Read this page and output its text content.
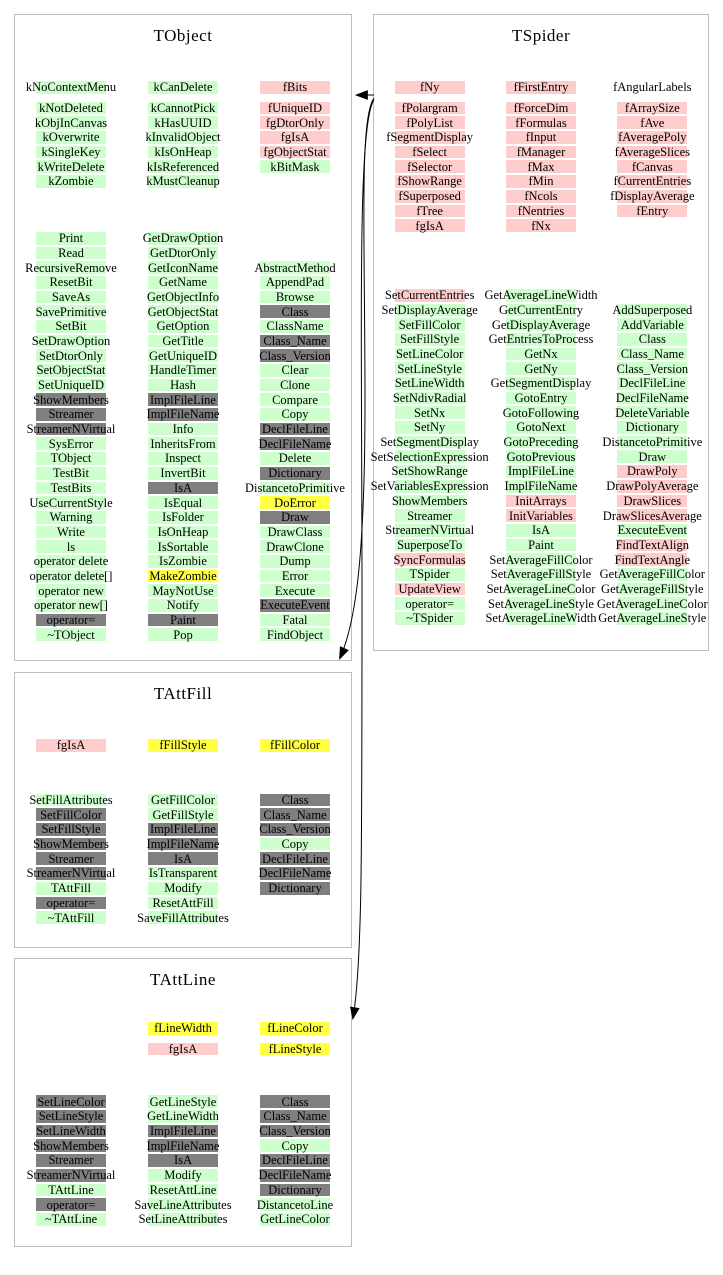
TObject
kNoContextMenu
kNotDeleted
kObjInCanvas
kOverwrite
kSingleKey
kWriteDelete
kZombie
kCanDelete
kCannotPick
kHasUUID
kInvalidObject
kIsOnHeap
kIsReferenced
kMustCleanup
fBits
fUniqueID
fgDtorOnly
fgIsA
fgObjectStat
kBitMask
Print
Read
RecursiveRemove
ResetBit
SaveAs
SavePrimitive
SetBit
SetDrawOption
SetDtorOnly
SetObjectStat
SetUniqueID
ShowMembers
Streamer
StreamerNVirtual
SysError
TObject
TestBit
TestBits
UseCurrentStyle
Warning
Write
ls
operator delete
operator delete[]
operator new
operator new[]
operator=
~TObject
GetDrawOption
GetDtorOnly
GetIconName
GetName
GetObjectInfo
GetObjectStat
GetOption
GetTitle
GetUniqueID
HandleTimer
Hash
ImplFileLine
ImplFileName
Info
InheritsFrom
Inspect
InvertBit
IsA
IsEqual
IsFolder
IsOnHeap
IsSortable
IsZombie
MakeZombie
MayNotUse
Notify
Paint
Pop
AbstractMethod
AppendPad
Browse
Class
ClassName
Class_Name
Class_Version
Clear
Clone
Compare
Copy
DeclFileLine
DeclFileName
Delete
Dictionary
DistancetoPrimitive
DoError
Draw
DrawClass
DrawClone
Dump
Error
Execute
ExecuteEvent
Fatal
FindObject
TSpider
fNy
fPolargram
fPolyList
fSegmentDisplay
fSelect
fSelector
fShowRange
fSuperposed
fTree
fgIsA
fFirstEntry
fForceDim
fFormulas
fInput
fManager
fMax
fMin
fNcols
fNentries
fNx
fAngularLabels
fArraySize
fAve
fAveragePoly
fAverageSlices
fCanvas
fCurrentEntries
fDisplayAverage
fEntry
SetCurrentEntries
SetDisplayAverage
SetFillColor
SetFillStyle
SetLineColor
SetLineStyle
SetLineWidth
SetNdivRadial
SetNx
SetNy
SetSegmentDisplay
SetSelectionExpression
SetShowRange
SetVariablesExpression
ShowMembers
Streamer
StreamerNVirtual
SuperposeTo
SyncFormulas
TSpider
UpdateView
operator=
~TSpider
GetAverageLineWidth
GetCurrentEntry
GetDisplayAverage
GetEntriesToProcess
GetNx
GetNy
GetSegmentDisplay
GotoEntry
GotoFollowing
GotoNext
GotoPreceding
GotoPrevious
ImplFileLine
ImplFileName
InitArrays
InitVariables
IsA
Paint
SetAverageFillColor
SetAverageFillStyle
SetAverageLineColor
SetAverageLineStyle
SetAverageLineWidth
AddSuperposed
AddVariable
Class
Class_Name
Class_Version
DeclFileLine
DeclFileName
DeleteVariable
Dictionary
DistancetoPrimitive
Draw
DrawPoly
DrawPolyAverage
DrawSlices
DrawSlicesAverage
ExecuteEvent
FindTextAlign
FindTextAngle
GetAverageFillColor
GetAverageFillStyle
GetAverageLineColor
GetAverageLineStyle
TAttFill
fgIsA	fFillStyle	fFillColor
SetFillAttributes
SetFillColor
SetFillStyle
ShowMembers
Streamer
StreamerNVirtual
TAttFill
operator=
~TAttFill
GetFillColor
GetFillStyle
ImplFileLine
ImplFileName
IsA
IsTransparent
Modify
ResetAttFill
SaveFillAttributes
Class
Class_Name
Class_Version
Copy
DeclFileLine
DeclFileName
Dictionary
TAttLine
fLineWidth
fgIsA
fLineColor
fLineStyle
SetLineColor
SetLineStyle
SetLineWidth
ShowMembers
Streamer
StreamerNVirtual
TAttLine
operator=
~TAttLine
GetLineStyle
GetLineWidth
ImplFileLine
ImplFileName
IsA
Modify
ResetAttLine
SaveLineAttributes
SetLineAttributes
Class
Class_Name
Class_Version
Copy
DeclFileLine
DeclFileName
Dictionary
DistancetoLine
GetLineColor
